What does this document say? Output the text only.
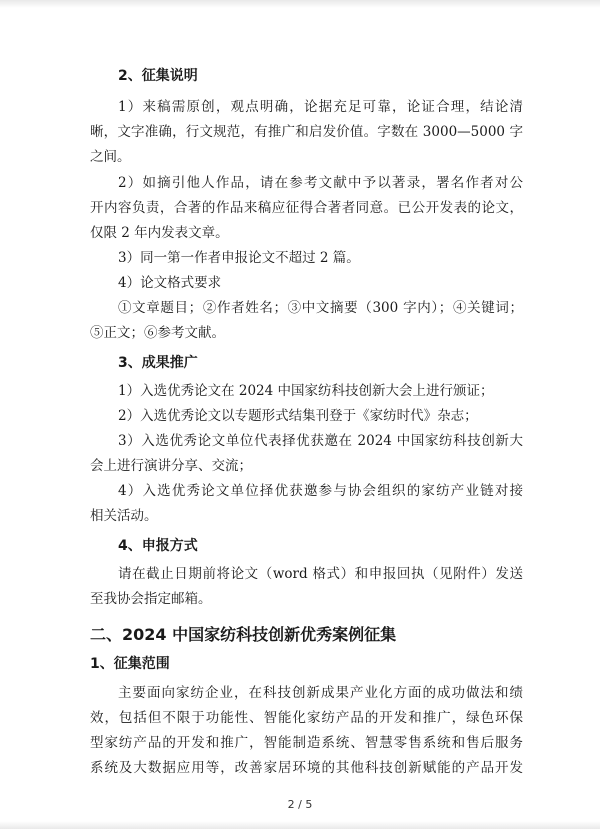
2、征集说明
1）来稿需原创，观点明确，论据充足可靠，论证合理，结论清
晰，文字准确，行文规范，有推广和启发价值。字数在 3000—5000 字
之间。
2）如摘引他人作品，请在参考文献中予以著录，署名作者对公
开内容负责，合著的作品来稿应征得合著者同意。已公开发表的论文，
仅限 2 年内发表文章。
3）同一第一作者申报论文不超过 2 篇。
4）论文格式要求
①文章题目；②作者姓名；③中文摘要（300 字内）；④关键词；
⑤正文；⑥参考文献。
3、成果推广
1）入选优秀论文在 2024 中国家纺科技创新大会上进行颁证；
2）入选优秀论文以专题形式结集刊登于《家纺时代》杂志；
3）入选优秀论文单位代表择优获邀在 2024 中国家纺科技创新大
会上进行演讲分享、交流；
4）入选优秀论文单位择优获邀参与协会组织的家纺产业链对接
相关活动。
4、申报方式
请在截止日期前将论文（word 格式）和申报回执（见附件）发送
至我协会指定邮箱。
二、2024 中国家纺科技创新优秀案例征集
1、征集范围
主要面向家纺企业，在科技创新成果产业化方面的成功做法和绩
效，包括但不限于功能性、智能化家纺产品的开发和推广，绿色环保
型家纺产品的开发和推广，智能制造系统、智慧零售系统和售后服务
系统及大数据应用等，改善家居环境的其他科技创新赋能的产品开发
2 / 5
